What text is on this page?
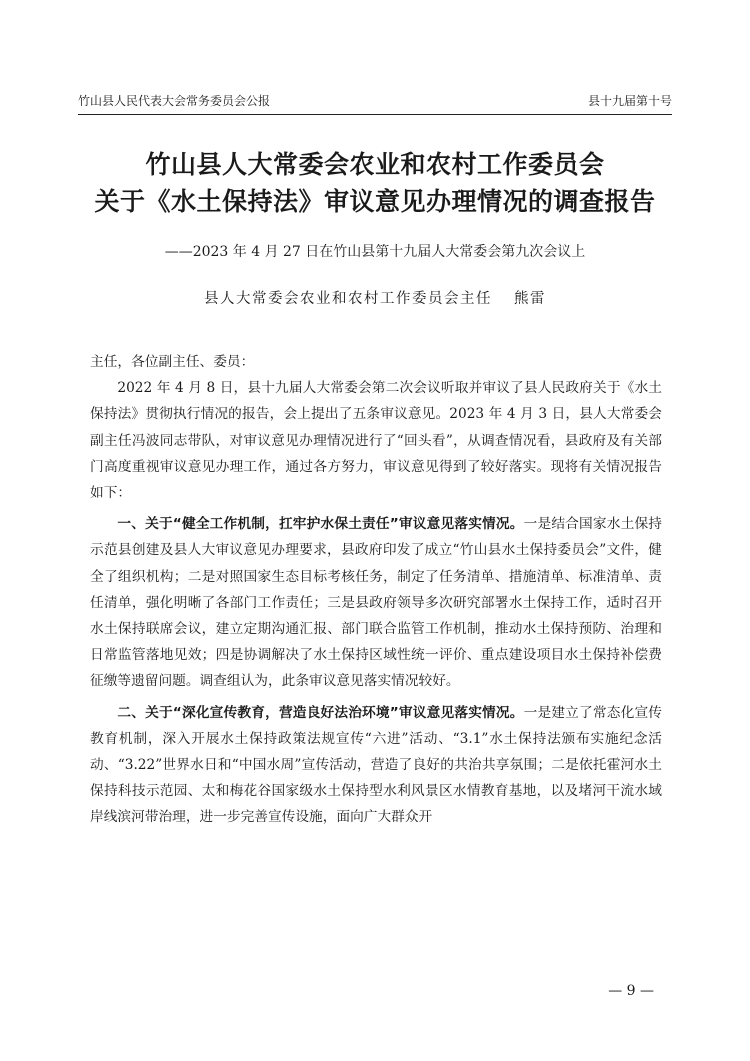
竹山县人民代表大会常务委员会公报	县十九届第十号
竹山县人大常委会农业和农村工作委员会
关于《水土保持法》审议意见办理情况的调查报告
——2023 年 4 月 27 日在竹山县第十九届人大常委会第九次会议上
县人大常委会农业和农村工作委员会主任 熊雷

主任，各位副主任、委员：

2022 年 4 月 8 日，县十九届人大常委会第二次会议听取并审议了县人民政府关于《水土保持法》贯彻执行情况的报告，会上提出了五条审议意见。2023 年 4 月 3 日，县人大常委会副主任冯波同志带队，对审议意见办理情况进行了“回头看”，从调查情况看，县政府及有关部门高度重视审议意见办理工作，通过各方努力，审议意见得到了较好落实。现将有关情况报告如下：

一、关于“健全工作机制，扛牢护水保土责任”审议意见落实情况。一是结合国家水土保持示范县创建及县人大审议意见办理要求，县政府印发了成立“竹山县水土保持委员会”文件，健全了组织机构；二是对照国家生态目标考核任务，制定了任务清单、措施清单、标准清单、责任清单，强化明晰了各部门工作责任；三是县政府领导多次研究部署水土保持工作，适时召开水土保持联席会议，建立定期沟通汇报、部门联合监管工作机制，推动水土保持预防、治理和日常监管落地见效；四是协调解决了水土保持区域性统一评价、重点建设项目水土保持补偿费征缴等遗留问题。调查组认为，此条审议意见落实情况较好。

二、关于“深化宣传教育，营造良好法治环境”审议意见落实情况。一是建立了常态化宣传教育机制，深入开展水土保持政策法规宣传“六进”活动、“3.1”水土保持法颁布实施纪念活动、“3.22”世界水日和“中国水周”宣传活动，营造了良好的共治共享氛围；二是依托霍河水土保持科技示范园、太和梅花谷国家级水土保持型水利风景区水情教育基地，以及堵河干流水域岸线滨河带治理，进一步完善宣传设施，面向广大群众开

— 9 —
